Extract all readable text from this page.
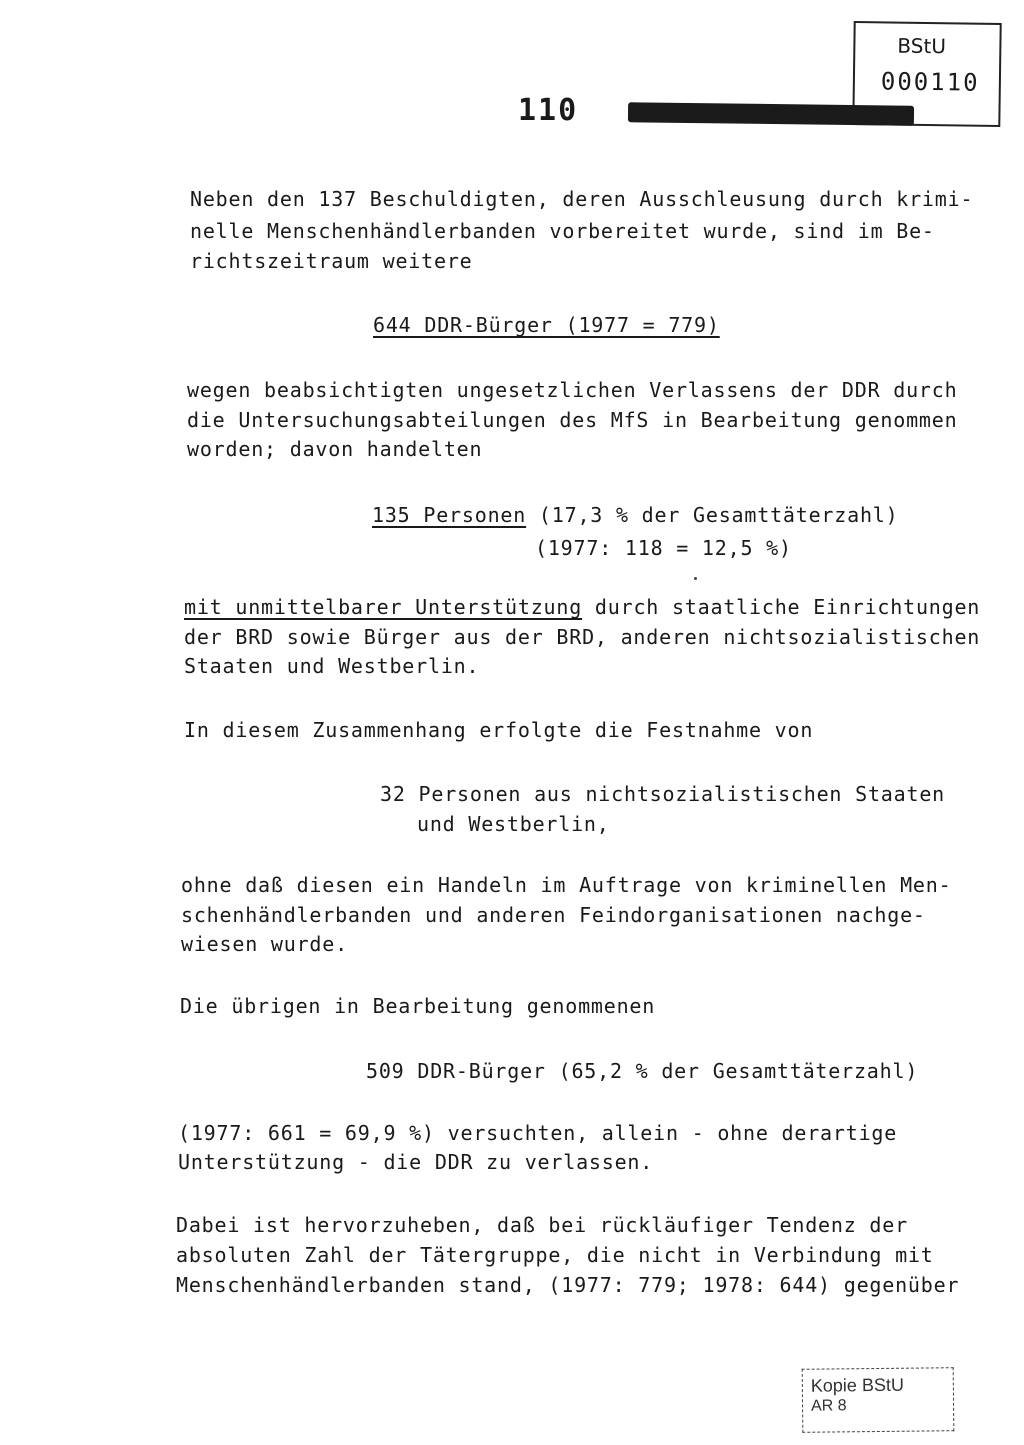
BStU
000110
110
Neben den 137 Beschuldigten, deren Ausschleusung durch krimi-
nelle Menschenhändlerbanden vorbereitet wurde, sind im Be-
richtszeitraum weitere
644 DDR-Bürger (1977 = 779)
wegen beabsichtigten ungesetzlichen Verlassens der DDR durch
die Untersuchungsabteilungen des MfS in Bearbeitung genommen
worden; davon handelten
135 Personen (17,3 % der Gesamttäterzahl)
(1977: 118 = 12,5 %)
mit unmittelbarer Unterstützung durch staatliche Einrichtungen
der BRD sowie Bürger aus der BRD, anderen nichtsozialistischen
Staaten und Westberlin.
In diesem Zusammenhang erfolgte die Festnahme von
32 Personen aus nichtsozialistischen Staaten
und Westberlin,
ohne daß diesen ein Handeln im Auftrage von kriminellen Men-
schenhändlerbanden und anderen Feindorganisationen nachge-
wiesen wurde.
Die übrigen in Bearbeitung genommenen
509 DDR-Bürger (65,2 % der Gesamttäterzahl)
(1977: 661 = 69,9 %) versuchten, allein - ohne derartige
Unterstützung - die DDR zu verlassen.
Dabei ist hervorzuheben, daß bei rückläufiger Tendenz der
absoluten Zahl der Tätergruppe, die nicht in Verbindung mit
Menschenhändlerbanden stand, (1977: 779; 1978: 644) gegenüber
Kopie BStU
AR 8
